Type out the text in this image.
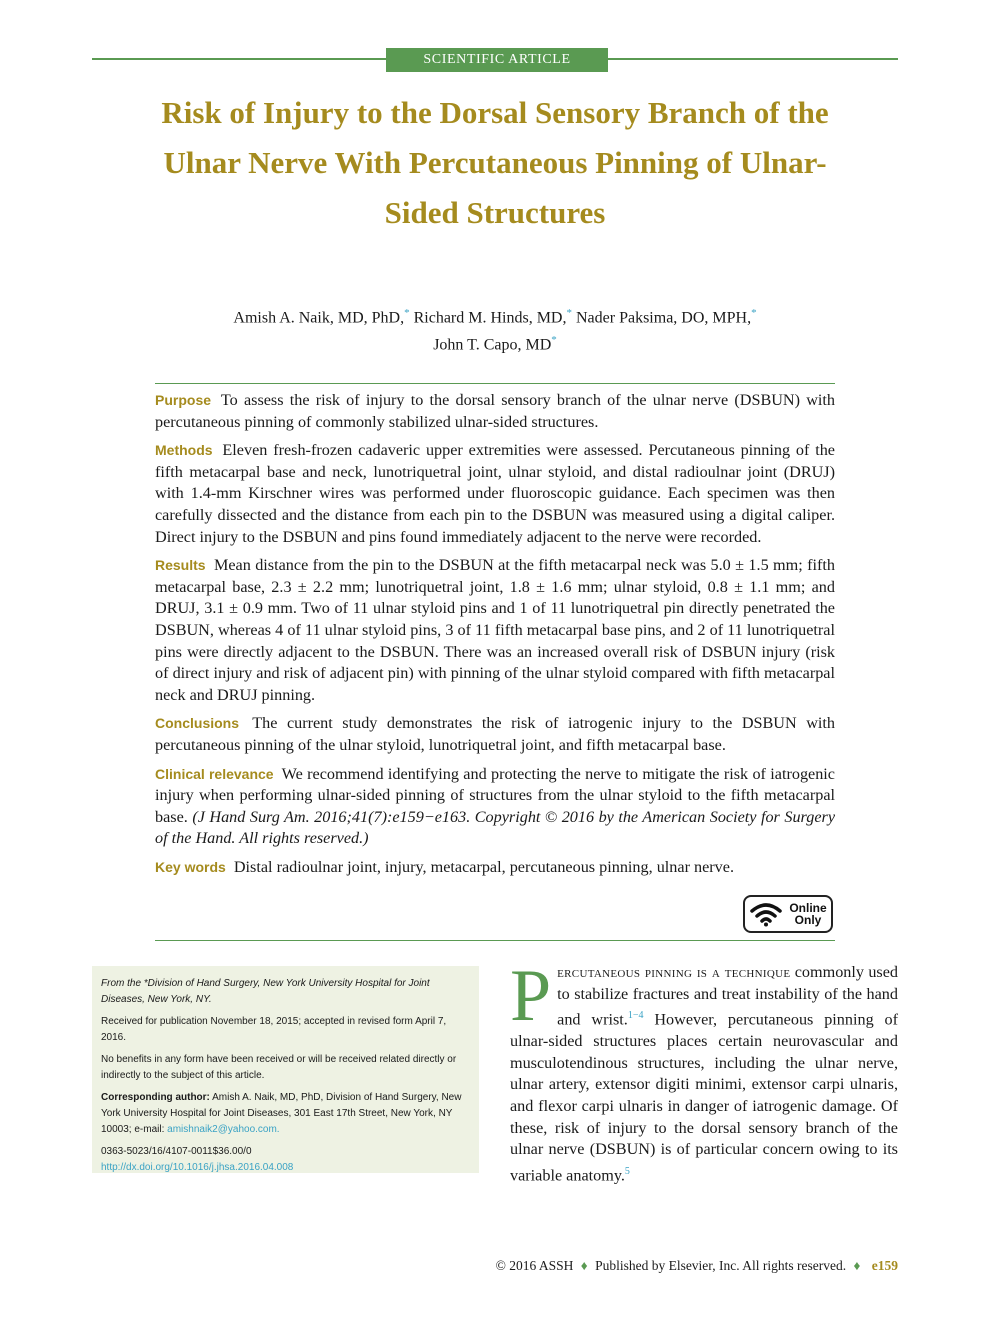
SCIENTIFIC ARTICLE
Risk of Injury to the Dorsal Sensory Branch of the Ulnar Nerve With Percutaneous Pinning of Ulnar-Sided Structures
Amish A. Naik, MD, PhD,* Richard M. Hinds, MD,* Nader Paksima, DO, MPH,*
John T. Capo, MD*

Purpose To assess the risk of injury to the dorsal sensory branch of the ulnar nerve (DSBUN) with percutaneous pinning of commonly stabilized ulnar-sided structures.

Methods Eleven fresh-frozen cadaveric upper extremities were assessed. Percutaneous pinning of the fifth metacarpal base and neck, lunotriquetral joint, ulnar styloid, and distal radioulnar joint (DRUJ) with 1.4-mm Kirschner wires was performed under fluoroscopic guidance. Each specimen was then carefully dissected and the distance from each pin to the DSBUN was measured using a digital caliper. Direct injury to the DSBUN and pins found immediately adjacent to the nerve were recorded.

Results Mean distance from the pin to the DSBUN at the fifth metacarpal neck was 5.0 ± 1.5 mm; fifth metacarpal base, 2.3 ± 2.2 mm; lunotriquetral joint, 1.8 ± 1.6 mm; ulnar styloid, 0.8 ± 1.1 mm; and DRUJ, 3.1 ± 0.9 mm. Two of 11 ulnar styloid pins and 1 of 11 lunotriquetral pin directly penetrated the DSBUN, whereas 4 of 11 ulnar styloid pins, 3 of 11 fifth metacarpal base pins, and 2 of 11 lunotriquetral pins were directly adjacent to the DSBUN. There was an increased overall risk of DSBUN injury (risk of direct injury and risk of adjacent pin) with pinning of the ulnar styloid compared with fifth metacarpal neck and DRUJ pinning.

Conclusions The current study demonstrates the risk of iatrogenic injury to the DSBUN with percutaneous pinning of the ulnar styloid, lunotriquetral joint, and fifth metacarpal base.

Clinical relevance We recommend identifying and protecting the nerve to mitigate the risk of iatrogenic injury when performing ulnar-sided pinning of structures from the ulnar styloid to the fifth metacarpal base. (J Hand Surg Am. 2016;41(7):e159−e163. Copyright © 2016 by the American Society for Surgery of the Hand. All rights reserved.)

Key words Distal radioulnar joint, injury, metacarpal, percutaneous pinning, ulnar nerve.

Online
Only

From the *Division of Hand Surgery, New York University Hospital for Joint Diseases, New York, NY.

Received for publication November 18, 2015; accepted in revised form April 7, 2016.

No benefits in any form have been received or will be received related directly or indirectly to the subject of this article.

Corresponding author: Amish A. Naik, MD, PhD, Division of Hand Surgery, New York University Hospital for Joint Diseases, 301 East 17th Street, New York, NY 10003; e-mail: amishnaik2@yahoo.com.

0363-5023/16/4107-0011$36.00/0
http://dx.doi.org/10.1016/j.jhsa.2016.04.008

Percutaneous pinning is a technique commonly used to stabilize fractures and treat instability of the hand and wrist.$^{1-4}$ However, percutaneous pinning of ulnar-sided structures places certain neurovascular and musculotendinous structures, including the ulnar nerve, ulnar artery, extensor digiti minimi, extensor carpi ulnaris, and flexor carpi ulnaris in danger of iatrogenic damage. Of these, risk of injury to the dorsal sensory branch of the ulnar nerve (DSBUN) is of particular concern owing to its variable anatomy.$^5$
© 2016 ASSH ♦ Published by Elsevier, Inc. All rights reserved. ♦ e159
